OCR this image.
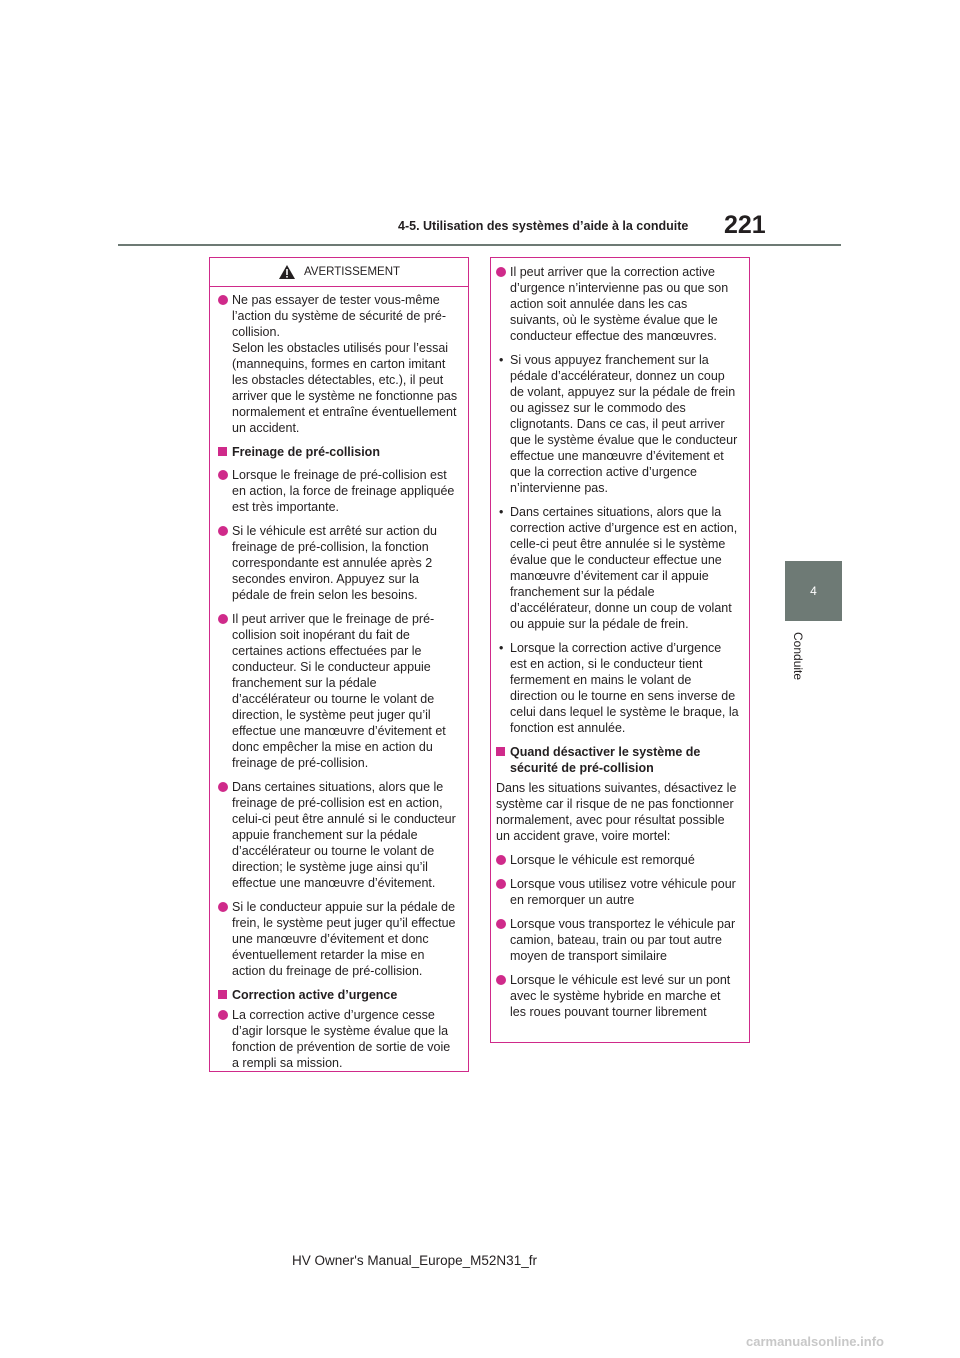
221
4-5. Utilisation des systèmes d’aide à la conduite
4
Conduite
AVERTISSEMENT
Ne pas essayer de tester vous-même l’action du système de sécurité de pré-collision.
Selon les obstacles utilisés pour l’essai (mannequins, formes en carton imitant les obstacles détectables, etc.), il peut arriver que le système ne fonctionne pas normalement et entraîne éventuellement un accident.
Freinage de pré-collision
Lorsque le freinage de pré-collision est en action, la force de freinage appliquée est très importante.
Si le véhicule est arrêté sur action du freinage de pré-collision, la fonction correspondante est annulée après 2 secondes environ. Appuyez sur la pédale de frein selon les besoins.
Il peut arriver que le freinage de pré-collision soit inopérant du fait de certaines actions effectuées par le conducteur. Si le conducteur appuie franchement sur la pédale d’accélérateur ou tourne le volant de direction, le système peut juger qu’il effectue une manœuvre d’évitement et donc empêcher la mise en action du freinage de pré-collision.
Dans certaines situations, alors que le freinage de pré-collision est en action, celui-ci peut être annulé si le conducteur appuie franchement sur la pédale d’accélérateur ou tourne le volant de direction; le système juge ainsi qu’il effectue une manœuvre d’évitement.
Si le conducteur appuie sur la pédale de frein, le système peut juger qu’il effectue une manœuvre d’évitement et donc éventuellement retarder la mise en action du freinage de pré-collision.
Correction active d’urgence
La correction active d’urgence cesse d’agir lorsque le système évalue que la fonction de prévention de sortie de voie a rempli sa mission.
Il peut arriver que la correction active d’urgence n’intervienne pas ou que son action soit annulée dans les cas suivants, où le système évalue que le conducteur effectue des manœuvres.
• Si vous appuyez franchement sur la pédale d’accélérateur, donnez un coup de volant, appuyez sur la pédale de frein ou agissez sur le commodo des clignotants. Dans ce cas, il peut arriver que le système évalue que le conducteur effectue une manœuvre d’évitement et que la correction active d’urgence n’intervienne pas.
• Dans certaines situations, alors que la correction active d’urgence est en action, celle-ci peut être annulée si le système évalue que le conducteur effectue une manœuvre d’évitement car il appuie franchement sur la pédale d’accélérateur, donne un coup de volant ou appuie sur la pédale de frein.
• Lorsque la correction active d’urgence est en action, si le conducteur tient fermement en mains le volant de direction ou le tourne en sens inverse de celui dans lequel le système le braque, la fonction est annulée.
Quand désactiver le système de sécurité de pré-collision
Dans les situations suivantes, désactivez le système car il risque de ne pas fonctionner normalement, avec pour résultat possible un accident grave, voire mortel:
Lorsque le véhicule est remorqué
Lorsque vous utilisez votre véhicule pour en remorquer un autre
Lorsque vous transportez le véhicule par camion, bateau, train ou par tout autre moyen de transport similaire
Lorsque le véhicule est levé sur un pont avec le système hybride en marche et les roues pouvant tourner librement
HV Owner's Manual_Europe_M52N31_fr
carmanualsonline.info
